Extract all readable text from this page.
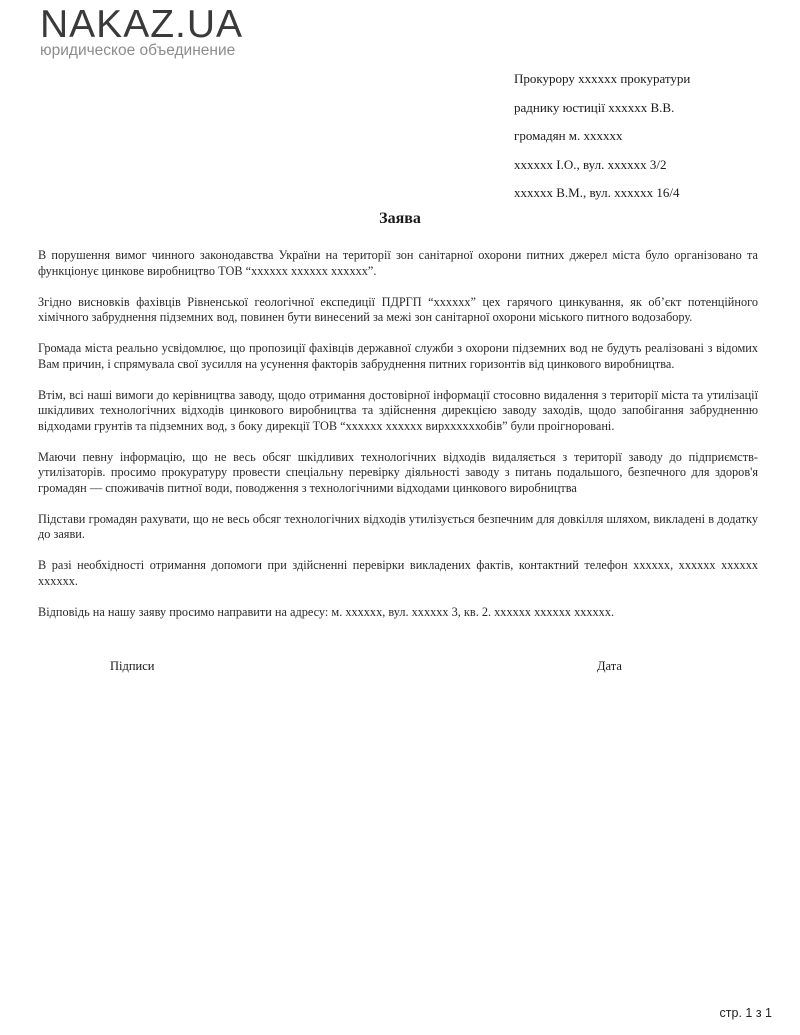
NAKAZ.UA
юридическое объединение
Прокурору хххххх прокуратури
раднику юстиції хххххх В.В.
громадян м. хххххх
хххххх І.О., вул. хххххх 3/2
хххххх В.М., вул. хххххх 16/4
Заява

В порушення вимог чинного законодавства України на території зон санітарної охорони питних джерел міста було організовано та функціонує цинкове виробництво ТОВ “хххххх хххххх хххххх”.

Згідно висновків фахівців Рівненської геологічної експедиції ПДРГП “хххххх” цех гарячого цинкування, як об’єкт потенційного хімічного забруднення підземних вод, повинен бути винесений за межі зон санітарної охорони міського питного водозабору.

Громада міста реально усвідомлює, що пропозиції фахівців державної служби з охорони підземних вод не будуть реалізовані з відомих Вам причин, і спрямувала свої зусилля на усунення факторів забруднення питних горизонтів від цинкового виробництва.

Втім, всі наші вимоги до керівництва заводу, щодо отримання достовірної інформації стосовно видалення з території міста та утилізації шкідливих технологічних відходів цинкового виробництва та здійснення дирекцією заводу заходів, щодо запобігання забрудненню відходами грунтів та підземних вод, з боку дирекції ТОВ “хххххх хххххх вирххххххобів” були проігноровані.

Маючи певну інформацію, що не весь обсяг шкідливих технологічних відходів видаляється з території заводу до підприємств-утилізаторів. просимо прокуратуру провести спеціальну перевірку діяльності заводу з питань подальшого, безпечного для здоров'я громадян — споживачів питної води, поводження з технологічними відходами цинкового виробництва

Підстави громадян рахувати, що не весь обсяг технологічних відходів утилізується безпечним для довкілля шляхом, викладені в додатку до заяви.

В разі необхідності отримання допомоги при здійсненні перевірки викладених фактів, контактний телефон хххххх, хххххх хххххх хххххх.

Відповідь на нашу заяву просимо направити на адресу: м. хххххх, вул. хххххх 3, кв. 2. хххххх хххххх хххххх.

Підписи	Дата
стр. 1 з 1
